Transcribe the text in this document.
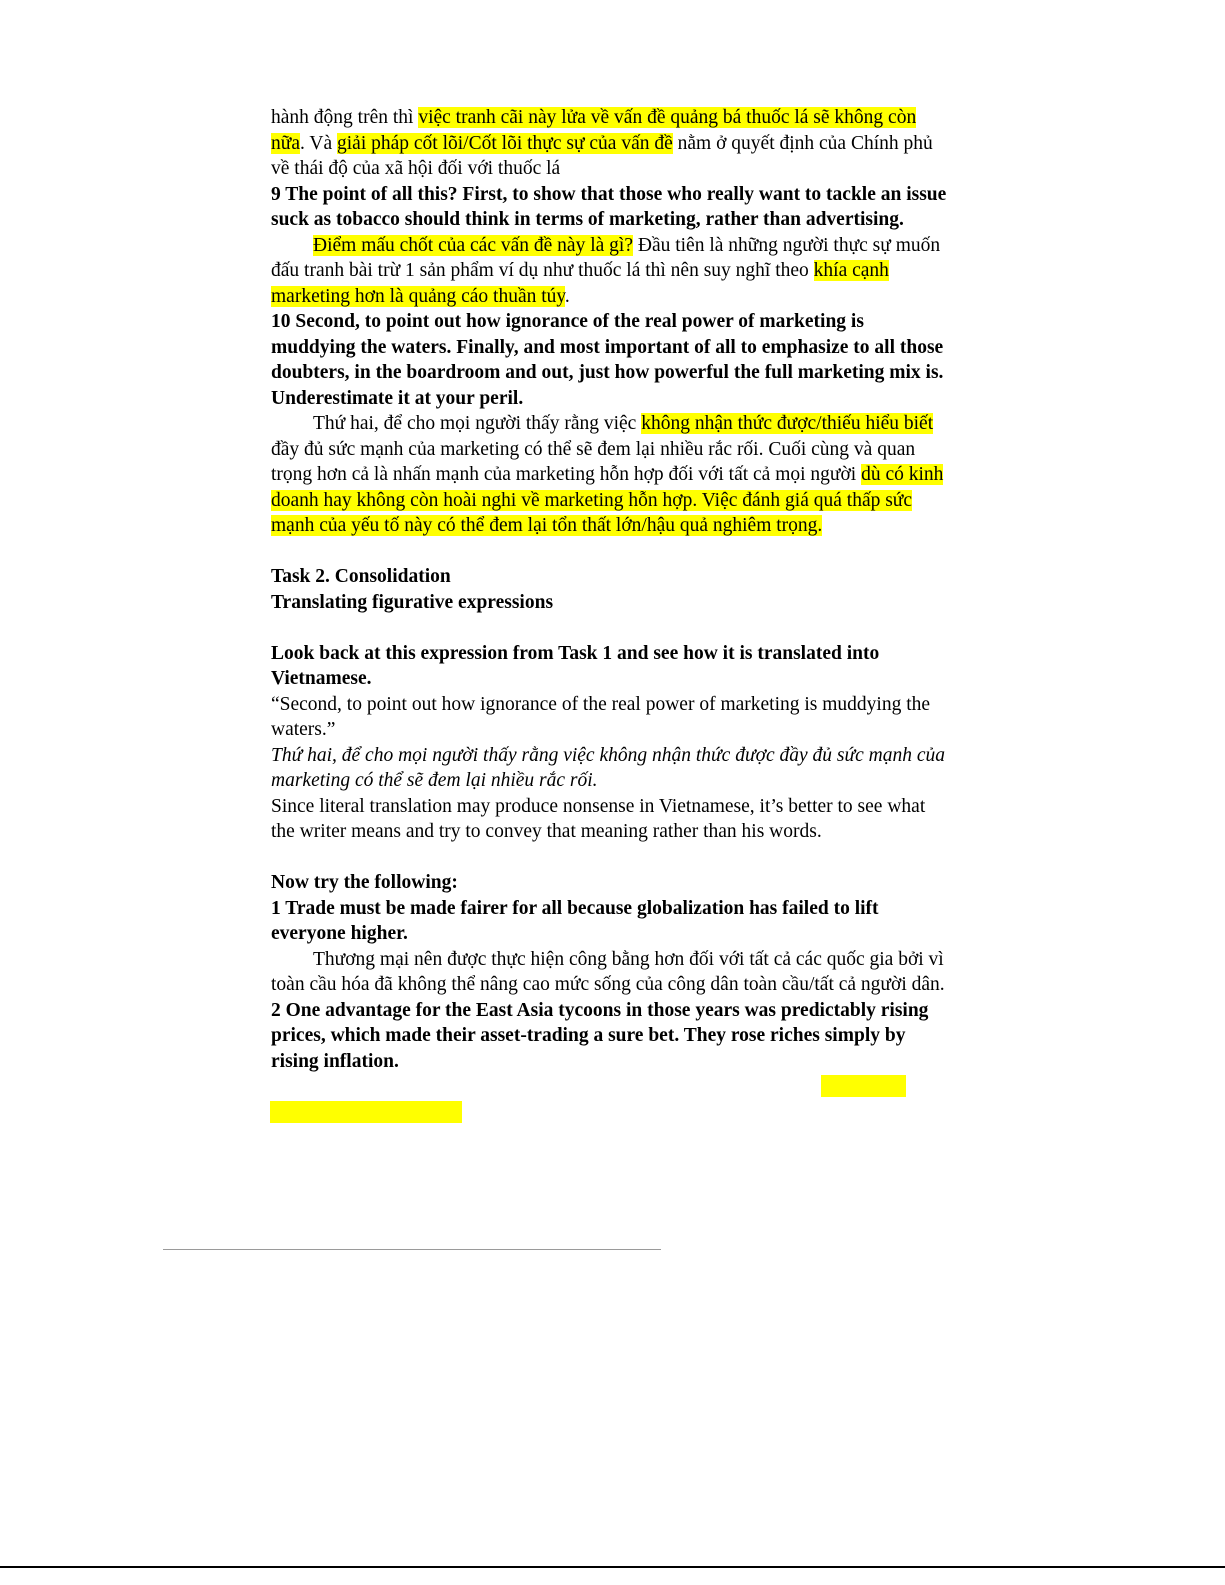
hành động trên thì việc tranh cãi này lửa về vấn đề quảng bá thuốc lá sẽ không còn
nữa. Và giải pháp cốt lõi/Cốt lõi thực sự của vấn đề nằm ở quyết định của Chính phủ
về thái độ của xã hội đối với thuốc lá
9 The point of all this? First, to show that those who really want to tackle an issue
suck as tobacco should think in terms of marketing, rather than advertising.
Điểm mấu chốt của các vấn đề này là gì? Đầu tiên là những người thực sự muốn
đấu tranh bài trừ 1 sản phẩm ví dụ như thuốc lá thì nên suy nghĩ theo khía cạnh
marketing hơn là quảng cáo thuần túy.
10 Second, to point out how ignorance of the real power of marketing is
muddying the waters. Finally, and most important of all to emphasize to all those
doubters, in the boardroom and out, just how powerful the full marketing mix is.
Underestimate it at your peril.
Thứ hai, để cho mọi người thấy rằng việc không nhận thức được/thiếu hiểu biết
đầy đủ sức mạnh của marketing có thể sẽ đem lại nhiều rắc rối. Cuối cùng và quan
trọng hơn cả là nhấn mạnh của marketing hỗn hợp đối với tất cả mọi người dù có kinh
doanh hay không còn hoài nghi về marketing hỗn hợp. Việc đánh giá quá thấp sức
mạnh của yếu tố này có thể đem lại tổn thất lớn/hậu quả nghiêm trọng.
Task 2. Consolidation
Translating figurative expressions
Look back at this expression from Task 1 and see how it is translated into
Vietnamese.
“Second, to point out how ignorance of the real power of marketing is muddying the
waters.”
Thứ hai, để cho mọi người thấy rằng việc không nhận thức được đầy đủ sức mạnh của
marketing có thể sẽ đem lại nhiều rắc rối.
Since literal translation may produce nonsense in Vietnamese, it’s better to see what
the writer means and try to convey that meaning rather than his words.
Now try the following:
1 Trade must be made fairer for all because globalization has failed to lift
everyone higher.
Thương mại nên được thực hiện công bằng hơn đối với tất cả các quốc gia bởi vì
toàn cầu hóa đã không thể nâng cao mức sống của công dân toàn cầu/tất cả người dân.
2 One advantage for the East Asia tycoons in those years was predictably rising
prices, which made their asset-trading a sure bet. They rose riches simply by
rising inflation.
